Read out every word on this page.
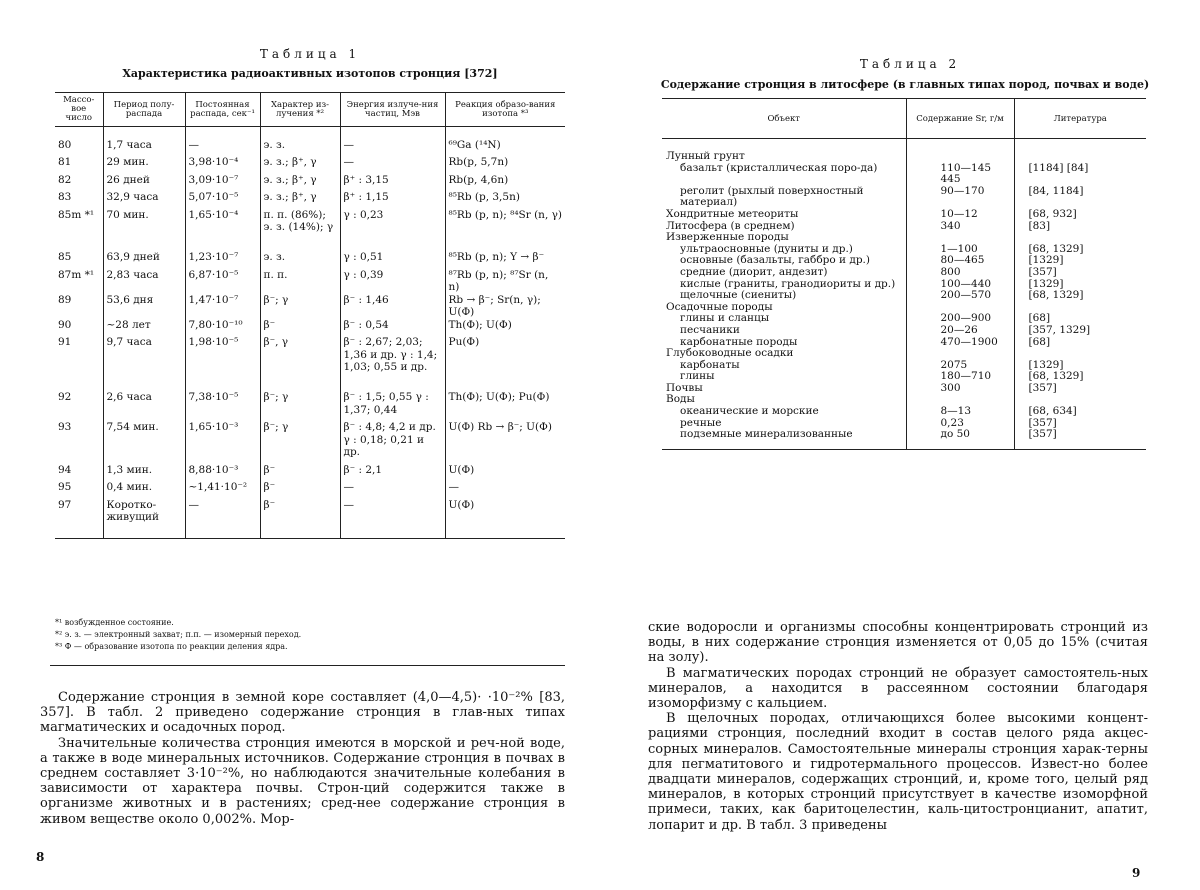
Таблица 1
Характеристика радиоактивных изотопов стронция [372]
Массо-вое число	Период полу-распада	Постоянная распада, сек⁻¹	Характер из-лучения *²	Энергия излуче-ния частиц, Мэв	Реакция образо-вания изотопа *³
80	1,7 часа	—	э. з.	—	⁶⁹Ga (¹⁴N)
81	29 мин.	3,98·10⁻⁴	э. з.; β⁺, γ	—	Rb(p, 5,7n)
82	26 дней	3,09·10⁻⁷	э. з.; β⁺, γ	β⁺ : 3,15	Rb(p, 4,6n)
83	32,9 часа	5,07·10⁻⁵	э. з.; β⁺, γ	β⁺ : 1,15	⁸⁵Rb (p, 3,5n)
85m *¹	70 мин.	1,65·10⁻⁴	п. п. (86%); э. з. (14%); γ	γ : 0,23	⁸⁵Rb (p, n); ⁸⁴Sr (n, γ)
85	63,9 дней	1,23·10⁻⁷	э. з.	γ : 0,51	⁸⁵Rb (p, n); Y → β⁻
87m *¹	2,83 часа	6,87·10⁻⁵	п. п.	γ : 0,39	⁸⁷Rb (p, n); ⁸⁷Sr (n, n)
89	53,6 дня	1,47·10⁻⁷	β⁻; γ	β⁻ : 1,46	Rb → β⁻; Sr(n, γ); U(Ф)
90	~28 лет	7,80·10⁻¹⁰	β⁻	β⁻ : 0,54	Th(Ф); U(Ф)
91	9,7 часа	1,98·10⁻⁵	β⁻, γ	β⁻ : 2,67; 2,03; 1,36 и др. γ : 1,4; 1,03; 0,55 и др.	Pu(Ф)
92	2,6 часа	7,38·10⁻⁵	β⁻; γ	β⁻ : 1,5; 0,55 γ : 1,37; 0,44	Th(Ф); U(Ф); Pu(Ф)
93	7,54 мин.	1,65·10⁻³	β⁻; γ	β⁻ : 4,8; 4,2 и др. γ : 0,18; 0,21 и др.	U(Ф) Rb → β⁻; U(Ф)
94	1,3 мин.	8,88·10⁻³	β⁻	β⁻ : 2,1	U(Ф)
95	0,4 мин.	~1,41·10⁻²	β⁻	—	—
97	Коротко-живущий	—	β⁻	—	U(Ф)
*¹ возбужденное состояние.
*² э. з. — электронный захват; п.п. — изомерный переход.
*³ Ф — образование изотопа по реакции деления ядра.

Содержание стронция в земной коре составляет (4,0—4,5)· ·10⁻²% [83, 357]. В табл. 2 приведено содержание стронция в глав-ных типах магматических и осадочных пород.

Значительные количества стронция имеются в морской и реч-ной воде, а также в воде минеральных источников. Содержание стронция в почвах в среднем составляет 3·10⁻²%, но наблюдаются значительные колебания в зависимости от характера почвы. Строн-ций содержится также в организме животных и в растениях; сред-нее содержание стронция в живом веществе около 0,002%. Мор-

8
Таблица 2
Содержание стронция в литосфере (в главных типах пород, почвах и воде)
Объект	Содержание Sr, г/м	Литература
Лунный грунт		
базальт (кристаллическая поро-да)	110—145 445	[1184] [84]
реголит (рыхлый поверхностный материал)	90—170	[84, 1184]
Хондритные метеориты	10—12	[68, 932]
Литосфера (в среднем)	340	[83]
Изверженные породы		
ультраосновные (дуниты и др.)	1—100	[68, 1329]
основные (базальты, габбро и др.)	80—465	[1329]
средние (диорит, андезит)	800	[357]
кислые (граниты, гранодиориты и др.)	100—440	[1329]
щелочные (сиениты)	200—570	[68, 1329]
Осадочные породы		
глины и сланцы	200—900	[68]
песчаники	20—26	[357, 1329]
карбонатные породы	470—1900	[68]
Глубоководные осадки		
карбонаты	2075	[1329]
глины	180—710	[68, 1329]
Почвы	300	[357]
Воды		
океанические и морские	8—13	[68, 634]
речные	0,23	[357]
подземные минерализованные	до 50	[357]

ские водоросли и организмы способны концентрировать стронций из воды, в них содержание стронция изменяется от 0,05 до 15% (считая на золу).

В магматических породах стронций не образует самостоятель-ных минералов, а находится в рассеянном состоянии благодаря изоморфизму с кальцием.

В щелочных породах, отличающихся более высокими концент-рациями стронция, последний входит в состав целого ряда акцес-сорных минералов. Самостоятельные минералы стронция харак-терны для пегматитового и гидротермального процессов. Извест-но более двадцати минералов, содержащих стронций, и, кроме того, целый ряд минералов, в которых стронций присутствует в качестве изоморфной примеси, таких, как баритоцелестин, каль-цитостронцианит, апатит, лопарит и др. В табл. 3 приведены

9
